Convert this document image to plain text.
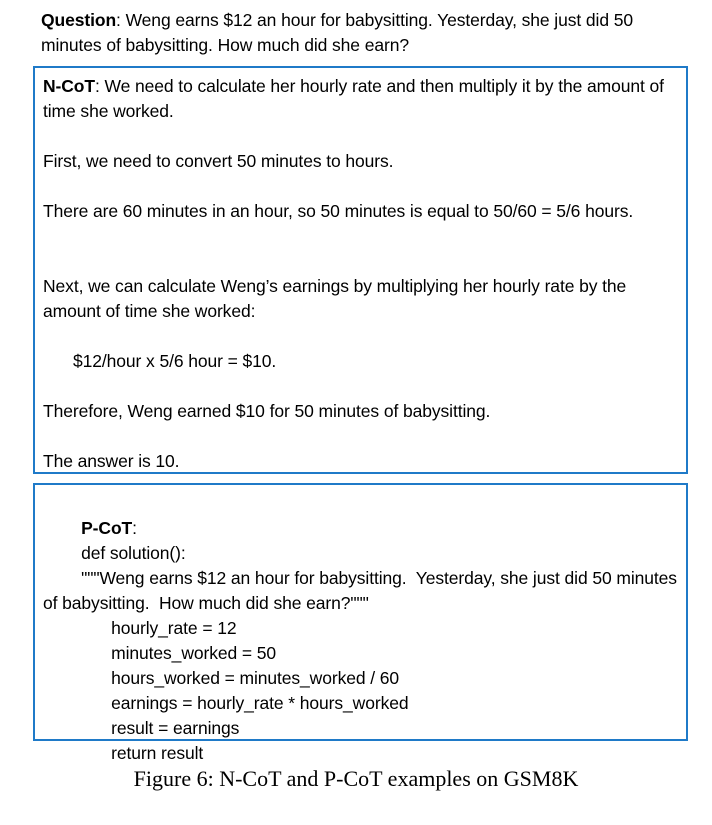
Question: Weng earns $12 an hour for babysitting. Yesterday, she just did 50 minutes of babysitting. How much did she earn?
N-CoT: We need to calculate her hourly rate and then multiply it by the amount of time she worked.
First, we need to convert 50 minutes to hours.
There are 60 minutes in an hour, so 50 minutes is equal to 50/60 = 5/6 hours.
Next, we can calculate Weng’s earnings by multiplying her hourly rate by the amount of time she worked:
$12/hour x 5/6 hour = $10.
Therefore, Weng earned $10 for 50 minutes of babysitting.
The answer is 10.

P-CoT:

def solution():

"""Weng earns $12 an hour for babysitting.  Yesterday, she just did 50 minutes of babysitting.  How much did she earn?"""

hourly_rate = 12

minutes_worked = 50

hours_worked = minutes_worked / 60

earnings = hourly_rate * hours_worked

result = earnings

return result

Figure 6: N-CoT and P-CoT examples on GSM8K
